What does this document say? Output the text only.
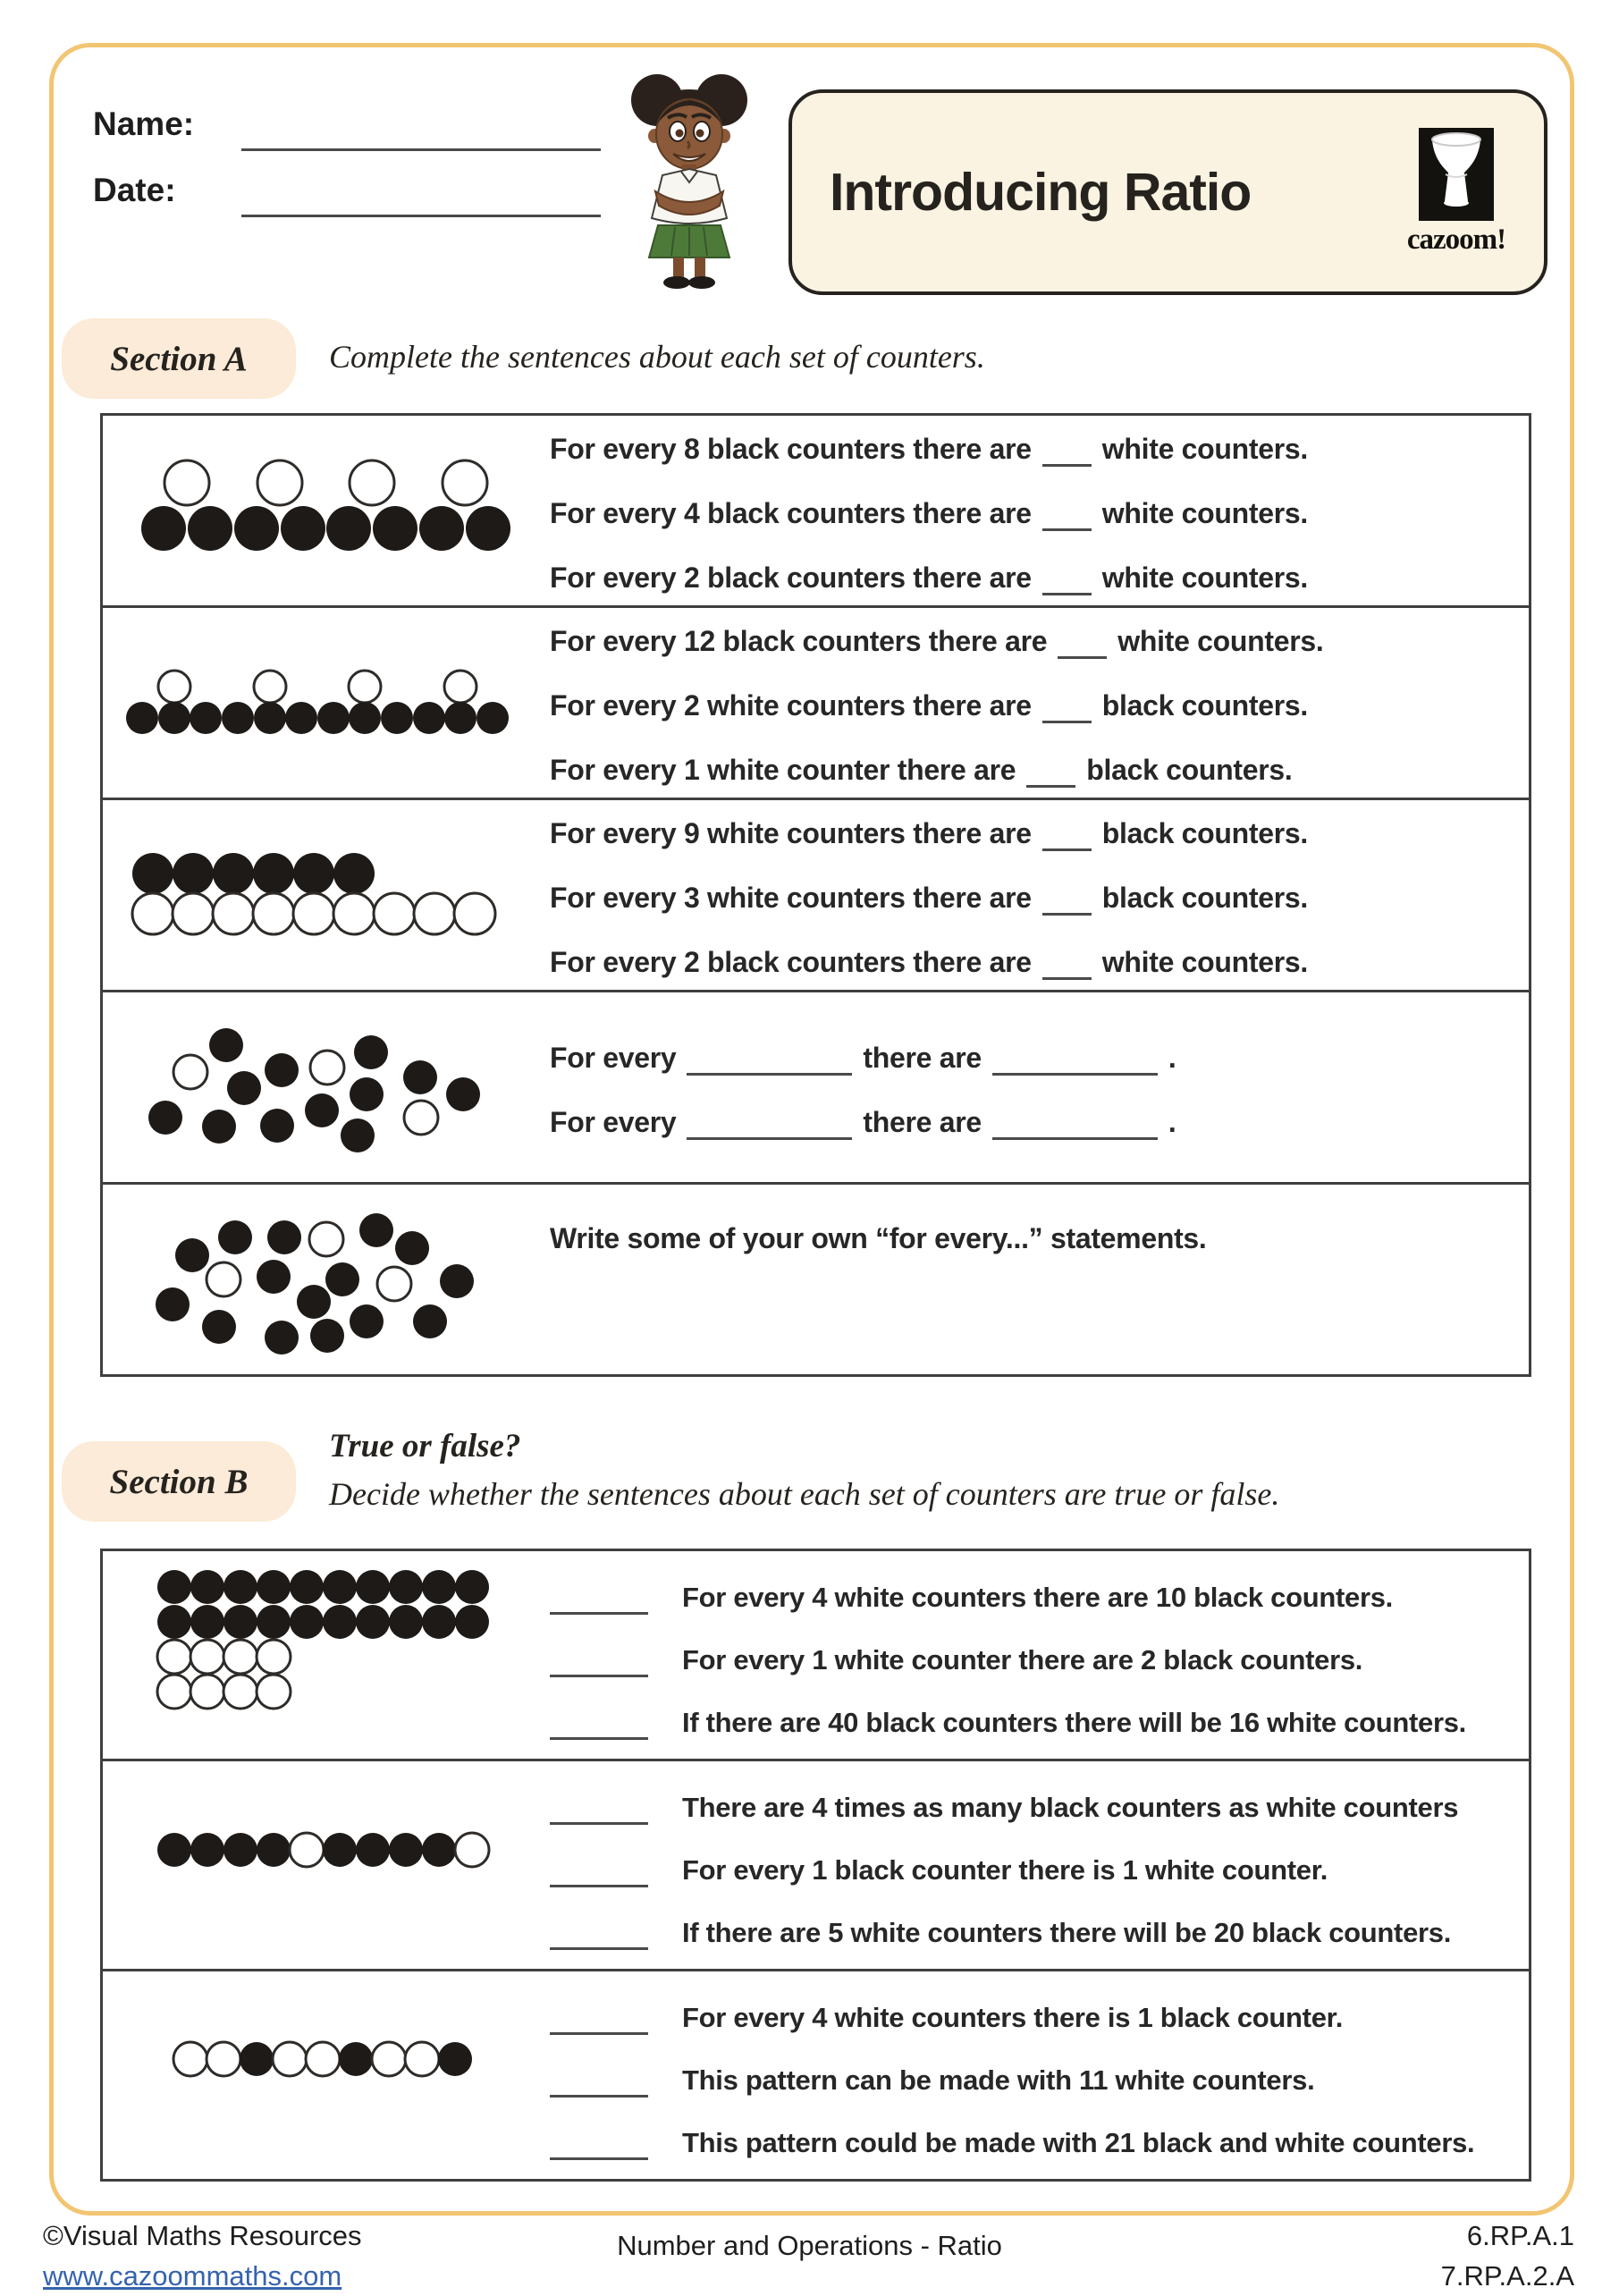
Name:
Date:	Introducing Ratio
cazoom!
Section A	Complete the sentences about each set of counters.
For every 8 black counters there are white counters.
For every 4 black counters there are white counters.
For every 2 black counters there are white counters.
For every 12 black counters there are white counters.
For every 2 white counters there are black counters.
For every 1 white counter there are black counters.
For every 9 white counters there are black counters.
For every 3 white counters there are black counters.
For every 2 black counters there are white counters.
For every	there are	.
For every	there are	.
Write some of your own “for every...” statements.
Section B
True or false?
Decide whether the sentences about each set of counters are true or false.
For every 4 white counters there are 10 black counters.
For every 1 white counter there are 2 black counters.
If there are 40 black counters there will be 16 white counters.
There are 4 times as many black counters as white counters
For every 1 black counter there is 1 white counter.
If there are 5 white counters there will be 20 black counters.
For every 4 white counters there is 1 black counter.
This pattern can be made with 11 white counters.
This pattern could be made with 21 black and white counters.
©Visual Maths Resources
www.cazoommaths.com
Number and Operations - Ratio	6.RP.A.1
7.RP.A.2.A
